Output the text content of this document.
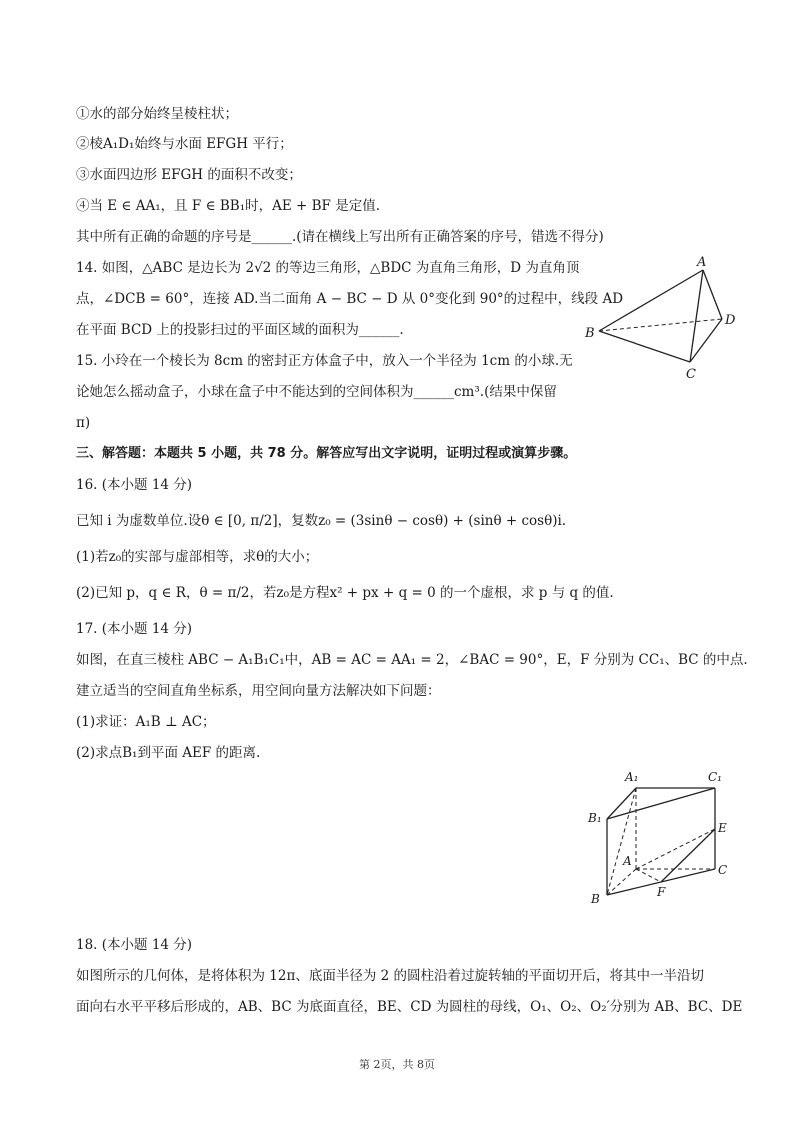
①水的部分始终呈棱柱状；
②棱A₁D₁始终与水面 EFGH 平行；
③水面四边形 EFGH 的面积不改变；
④当 E ∈ AA₁，且 F ∈ BB₁时，AE + BF 是定值.
其中所有正确的命题的序号是______.(请在横线上写出所有正确答案的序号，错选不得分)
14. 如图，△ABC 是边长为 2√2 的等边三角形，△BDC 为直角三角形，D 为直角顶
点，∠DCB = 60°，连接 AD.当二面角 A − BC − D 从 0°变化到 90°的过程中，线段 AD
在平面 BCD 上的投影扫过的平面区域的面积为______.
A
B
C
D
15. 小玲在一个棱长为 8cm 的密封正方体盒子中，放入一个半径为 1cm 的小球.无
论她怎么摇动盒子，小球在盒子中不能达到的空间体积为______cm³.(结果中保留
π)
三、解答题：本题共 5 小题，共 78 分。解答应写出文字说明，证明过程或演算步骤。
16. (本小题 14 分)
已知 i 为虚数单位.设θ ∈ [0, π/2]，复数z₀ = (3sinθ − cosθ) + (sinθ + cosθ)i.
(1)若z₀的实部与虚部相等，求θ的大小；
(2)已知 p，q ∈ R，θ = π/2，若z₀是方程x² + px + q = 0 的一个虚根，求 p 与 q 的值.
17. (本小题 14 分)
如图，在直三棱柱 ABC − A₁B₁C₁中，AB = AC = AA₁ = 2，∠BAC = 90°，E，F 分别为 CC₁、BC 的中点.
建立适当的空间直角坐标系，用空间向量方法解决如下问题：
(1)求证：A₁B ⊥ AC；
(2)求点B₁到平面 AEF 的距离.
A₁	C₁
B₁
E
A
C
F
B
18. (本小题 14 分)
如图所示的几何体，是将体积为 12π、底面半径为 2 的圆柱沿着过旋转轴的平面切开后，将其中一半沿切
面向右水平平移后形成的，AB、BC 为底面直径，BE、CD 为圆柱的母线，O₁、O₂、O₂′分别为 AB、BC、DE
第 2页，共 8页
